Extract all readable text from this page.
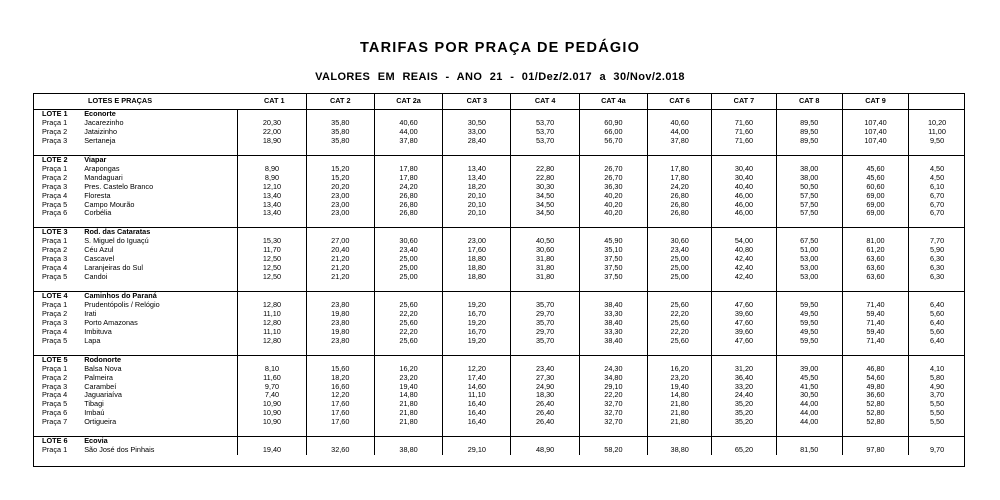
TARIFAS POR PRAÇA DE PEDÁGIO
VALORES EM REAIS - ANO 21 - 01/Dez/2.017 a 30/Nov/2.018
LOTES E PRAÇAS		CAT 1	CAT 2	CAT 2a	CAT 3	CAT 4	CAT 4a	CAT 6	CAT 7	CAT 8	CAT 9	
LOTE 1	Econorte											
Praça 1	Jacarezinho	20,30	35,80	40,60	30,50	53,70	60,90	40,60	71,60	89,50	107,40	10,20
Praça 2	Jataizinho	22,00	35,80	44,00	33,00	53,70	66,00	44,00	71,60	89,50	107,40	11,00
Praça 3	Sertaneja	18,90	35,80	37,80	28,40	53,70	56,70	37,80	71,60	89,50	107,40	9,50

LOTE 2	Viapar											
Praça 1	Arapongas	8,90	15,20	17,80	13,40	22,80	26,70	17,80	30,40	38,00	45,60	4,50
Praça 2	Mandaguari	8,90	15,20	17,80	13,40	22,80	26,70	17,80	30,40	38,00	45,60	4,50
Praça 3	Pres. Castelo Branco	12,10	20,20	24,20	18,20	30,30	36,30	24,20	40,40	50,50	60,60	6,10
Praça 4	Floresta	13,40	23,00	26,80	20,10	34,50	40,20	26,80	46,00	57,50	69,00	6,70
Praça 5	Campo Mourão	13,40	23,00	26,80	20,10	34,50	40,20	26,80	46,00	57,50	69,00	6,70
Praça 6	Corbélia	13,40	23,00	26,80	20,10	34,50	40,20	26,80	46,00	57,50	69,00	6,70

LOTE 3	Rod. das Cataratas											
Praça 1	S. Miguel do Iguaçú	15,30	27,00	30,60	23,00	40,50	45,90	30,60	54,00	67,50	81,00	7,70
Praça 2	Céu Azul	11,70	20,40	23,40	17,60	30,60	35,10	23,40	40,80	51,00	61,20	5,90
Praça 3	Cascavel	12,50	21,20	25,00	18,80	31,80	37,50	25,00	42,40	53,00	63,60	6,30
Praça 4	Laranjeiras do Sul	12,50	21,20	25,00	18,80	31,80	37,50	25,00	42,40	53,00	63,60	6,30
Praça 5	Candoi	12,50	21,20	25,00	18,80	31,80	37,50	25,00	42,40	53,00	63,60	6,30

LOTE 4	Caminhos do Paraná											
Praça 1	Prudentópolis / Relógio	12,80	23,80	25,60	19,20	35,70	38,40	25,60	47,60	59,50	71,40	6,40
Praça 2	Irati	11,10	19,80	22,20	16,70	29,70	33,30	22,20	39,60	49,50	59,40	5,60
Praça 3	Porto Amazonas	12,80	23,80	25,60	19,20	35,70	38,40	25,60	47,60	59,50	71,40	6,40
Praça 4	Imbituva	11,10	19,80	22,20	16,70	29,70	33,30	22,20	39,60	49,50	59,40	5,60
Praça 5	Lapa	12,80	23,80	25,60	19,20	35,70	38,40	25,60	47,60	59,50	71,40	6,40

LOTE 5	Rodonorte											
Praça 1	Balsa Nova	8,10	15,60	16,20	12,20	23,40	24,30	16,20	31,20	39,00	46,80	4,10
Praça 2	Palmeira	11,60	18,20	23,20	17,40	27,30	34,80	23,20	36,40	45,50	54,60	5,80
Praça 3	Carambeí	9,70	16,60	19,40	14,60	24,90	29,10	19,40	33,20	41,50	49,80	4,90
Praça 4	Jaguariaíva	7,40	12,20	14,80	11,10	18,30	22,20	14,80	24,40	30,50	36,60	3,70
Praça 5	Tibagi	10,90	17,60	21,80	16,40	26,40	32,70	21,80	35,20	44,00	52,80	5,50
Praça 6	Imbaú	10,90	17,60	21,80	16,40	26,40	32,70	21,80	35,20	44,00	52,80	5,50
Praça 7	Ortigueira	10,90	17,60	21,80	16,40	26,40	32,70	21,80	35,20	44,00	52,80	5,50

LOTE 6	Ecovia											
Praça 1	São José dos Pinhais	19,40	32,60	38,80	29,10	48,90	58,20	38,80	65,20	81,50	97,80	9,70
